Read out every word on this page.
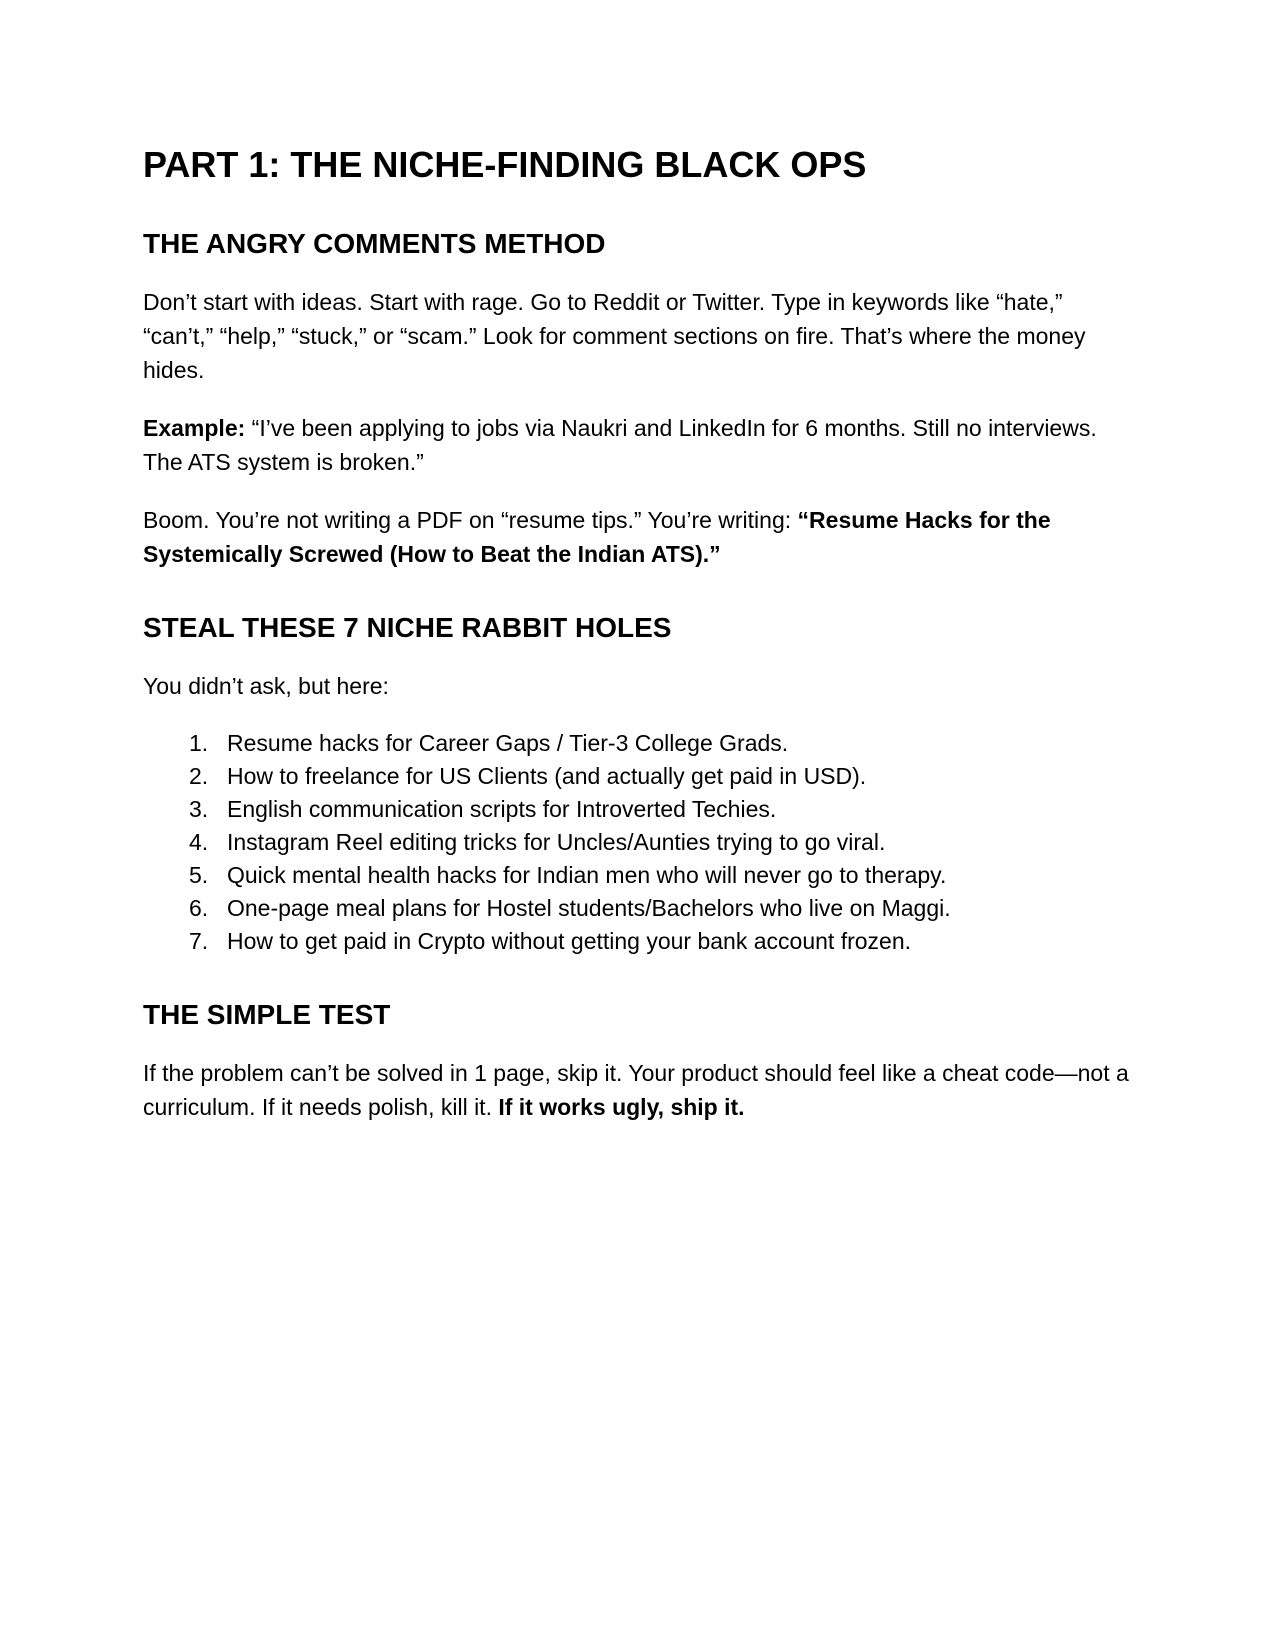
PART 1: THE NICHE-FINDING BLACK OPS
THE ANGRY COMMENTS METHOD

Don’t start with ideas. Start with rage. Go to Reddit or Twitter. Type in keywords like “hate,” “can’t,” “help,” “stuck,” or “scam.” Look for comment sections on fire. That’s where the money hides.

Example: “I’ve been applying to jobs via Naukri and LinkedIn for 6 months. Still no interviews. The ATS system is broken.”

Boom. You’re not writing a PDF on “resume tips.” You’re writing: “Resume Hacks for the Systemically Screwed (How to Beat the Indian ATS).”

STEAL THESE 7 NICHE RABBIT HOLES

You didn’t ask, but here:

Resume hacks for Career Gaps / Tier-3 College Grads.
How to freelance for US Clients (and actually get paid in USD).
English communication scripts for Introverted Techies.
Instagram Reel editing tricks for Uncles/Aunties trying to go viral.
Quick mental health hacks for Indian men who will never go to therapy.
One-page meal plans for Hostel students/Bachelors who live on Maggi.
How to get paid in Crypto without getting your bank account frozen.
THE SIMPLE TEST

If the problem can’t be solved in 1 page, skip it. Your product should feel like a cheat code—not a curriculum. If it needs polish, kill it. If it works ugly, ship it.
